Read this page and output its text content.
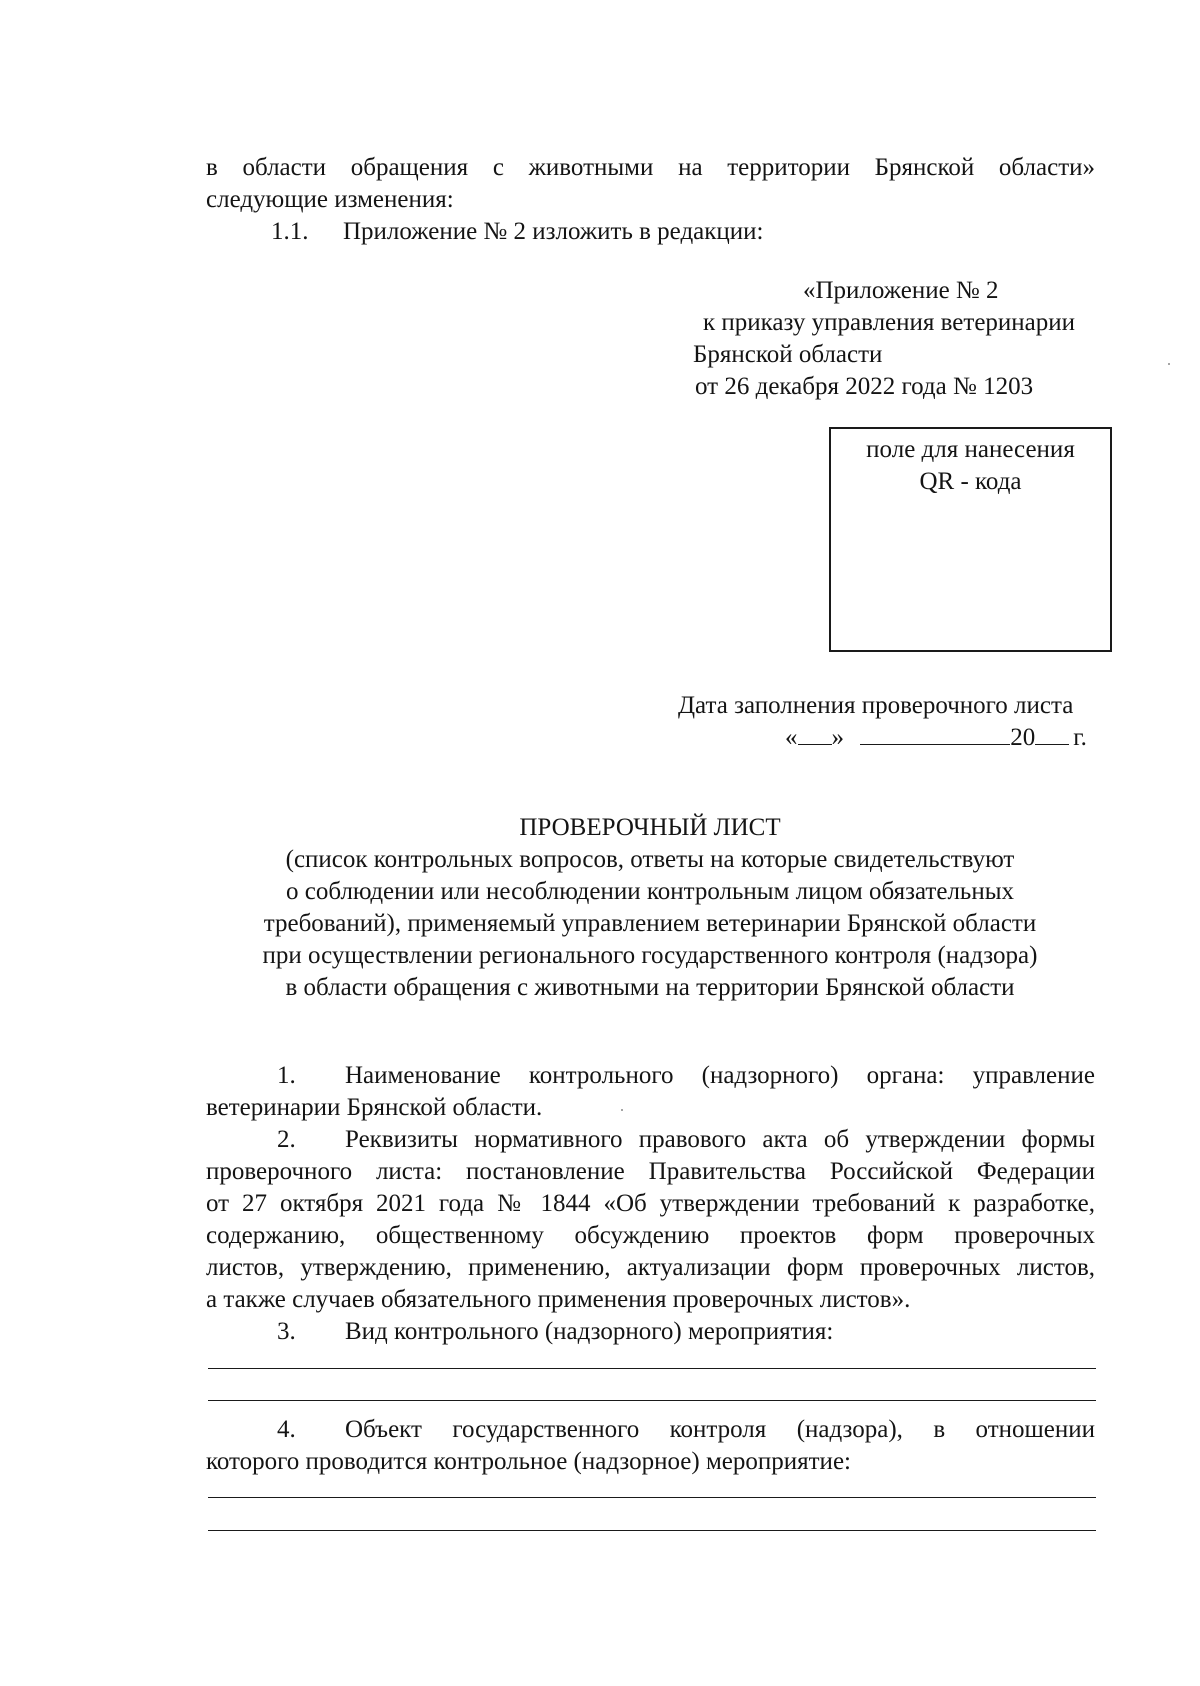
в области обращения с животными на территории Брянской области»
следующие изменения:
1.1. Приложение № 2 изложить в редакции:
«Приложение № 2
к приказу управления ветеринарии
Брянской области
от 26 декабря 2022 года № 1203
поле для нанесения
QR - кода
Дата заполнения проверочного листа
« »	20 г.
ПРОВЕРОЧНЫЙ ЛИСТ
(список контрольных вопросов, ответы на которые свидетельствуют
о соблюдении или несоблюдении контрольным лицом обязательных
требований), применяемый управлением ветеринарии Брянской области
при осуществлении регионального государственного контроля (надзора)
в области обращения с животными на территории Брянской области
1. Наименование контрольного (надзорного) органа: управление
ветеринарии Брянской области.
2. Реквизиты нормативного правового акта об утверждении формы
проверочного листа: постановление Правительства Российской Федерации
от 27 октября 2021 года № 1844 «Об утверждении требований к разработке,
содержанию, общественному обсуждению проектов форм проверочных
листов, утверждению, применению, актуализации форм проверочных листов,
а также случаев обязательного применения проверочных листов».
3. Вид контрольного (надзорного) мероприятия:
4. Объект государственного контроля (надзора), в отношении
которого проводится контрольное (надзорное) мероприятие:
